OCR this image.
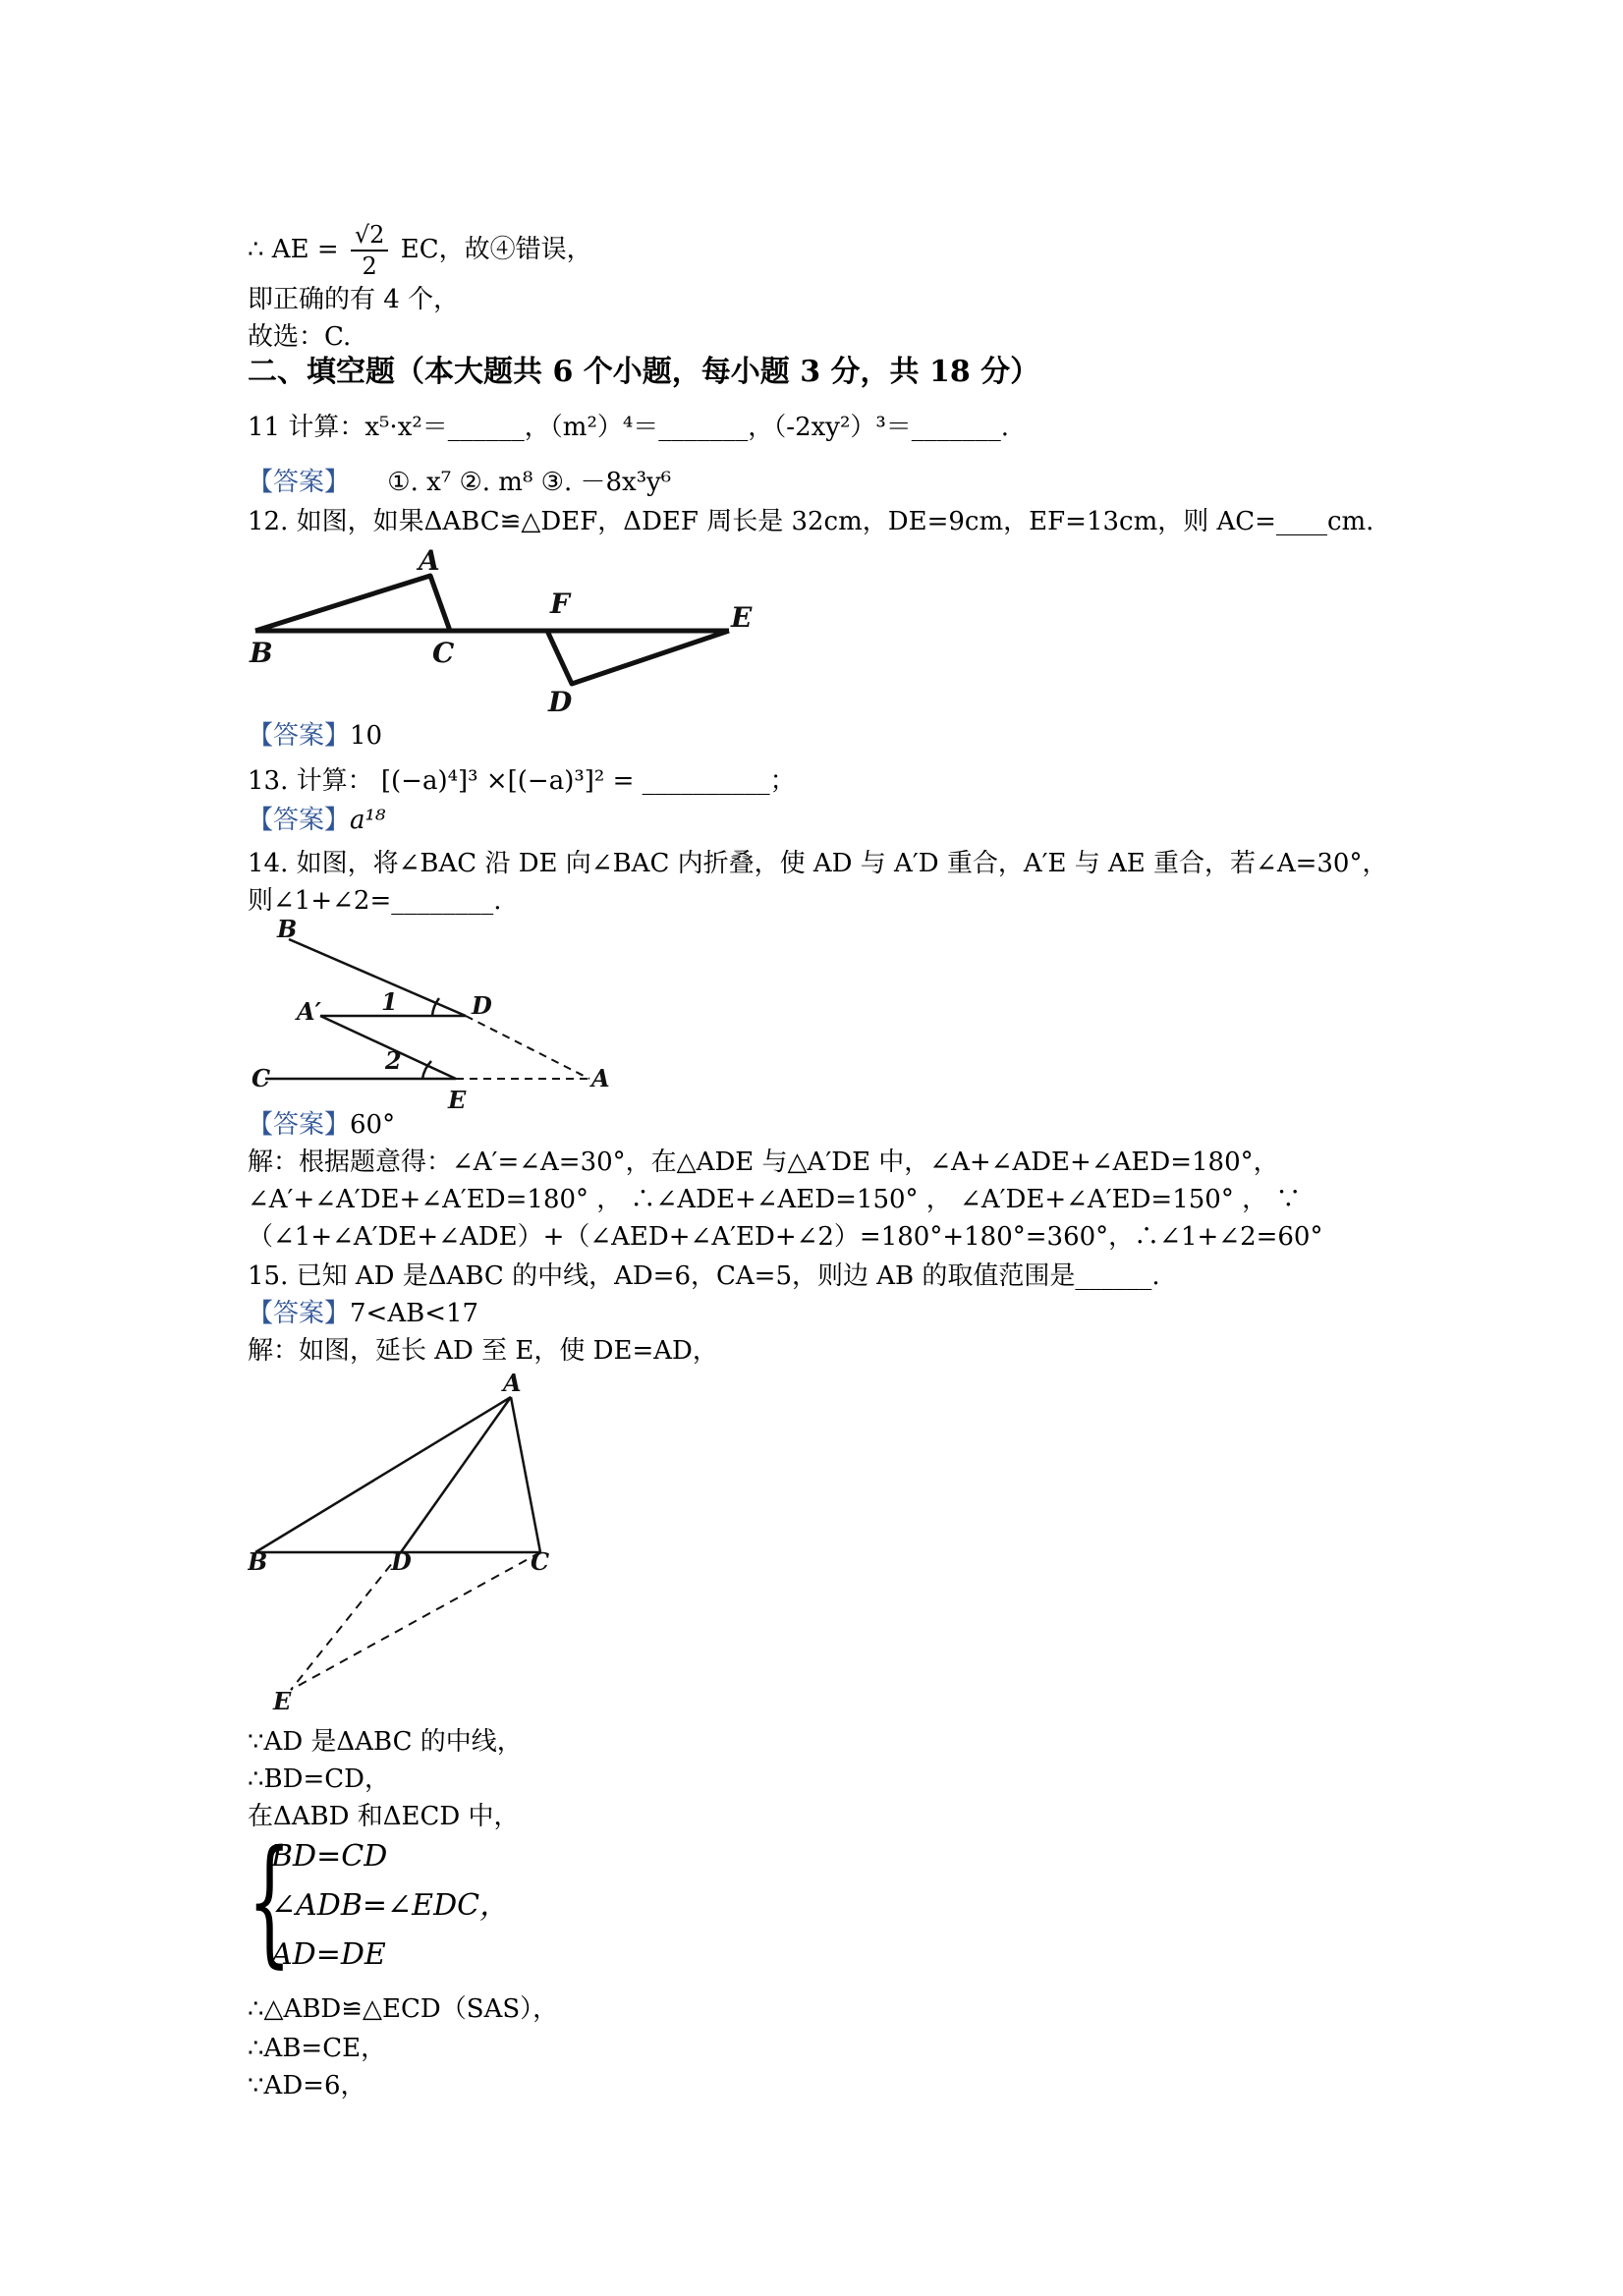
∴ AE = $\frac{√2}{2}$ EC，故④错误，
即正确的有 4 个，
故选：C.
二、填空题（本大题共 6 个小题，每小题 3 分，共 18 分）
11 计算：x⁵·x²＝______，（m²）⁴＝_______，（-2xy²）³＝_______.
【答案】 ①. x⁷ ②. m⁸ ③. －8x³y⁶
12. 如图，如果ΔABC≌△DEF，ΔDEF 周长是 32cm，DE=9cm，EF=13cm，则 AC=____cm.
A
B	C
F	E
D
【答案】10
13. 计算： [(−a)⁴]³ ×[(−a)³]² = __________；
【答案】a¹⁸
14. 如图，将∠BAC 沿 DE 向∠BAC 内折叠，使 AD 与 A′D 重合，A′E 与 AE 重合，若∠A=30°，
则∠1+∠2=________.
B
D
A′	1
2
C
E
A
【答案】60°
解：根据题意得：∠A′=∠A=30°，在△ADE 与△A′DE 中，∠A+∠ADE+∠AED=180°，
∠A′+∠A′DE+∠A′ED=180° ， ∴∠ADE+∠AED=150° ， ∠A′DE+∠A′ED=150° ， ∵
（∠1+∠A′DE+∠ADE）+（∠AED+∠A′ED+∠2）=180°+180°=360°，∴∠1+∠2=60°
15. 已知 AD 是ΔABC 的中线，AD=6，CA=5，则边 AB 的取值范围是______.
【答案】7<AB<17
解：如图，延长 AD 至 E，使 DE=AD，
A
B	D	C
E
∵AD 是ΔABC 的中线，
∴BD=CD，
在ΔABD 和ΔECD 中，
{
BD=CD
∠ADB=∠EDC，
AD=DE
∴△ABD≌△ECD（SAS），
∴AB=CE，
∵AD=6，
